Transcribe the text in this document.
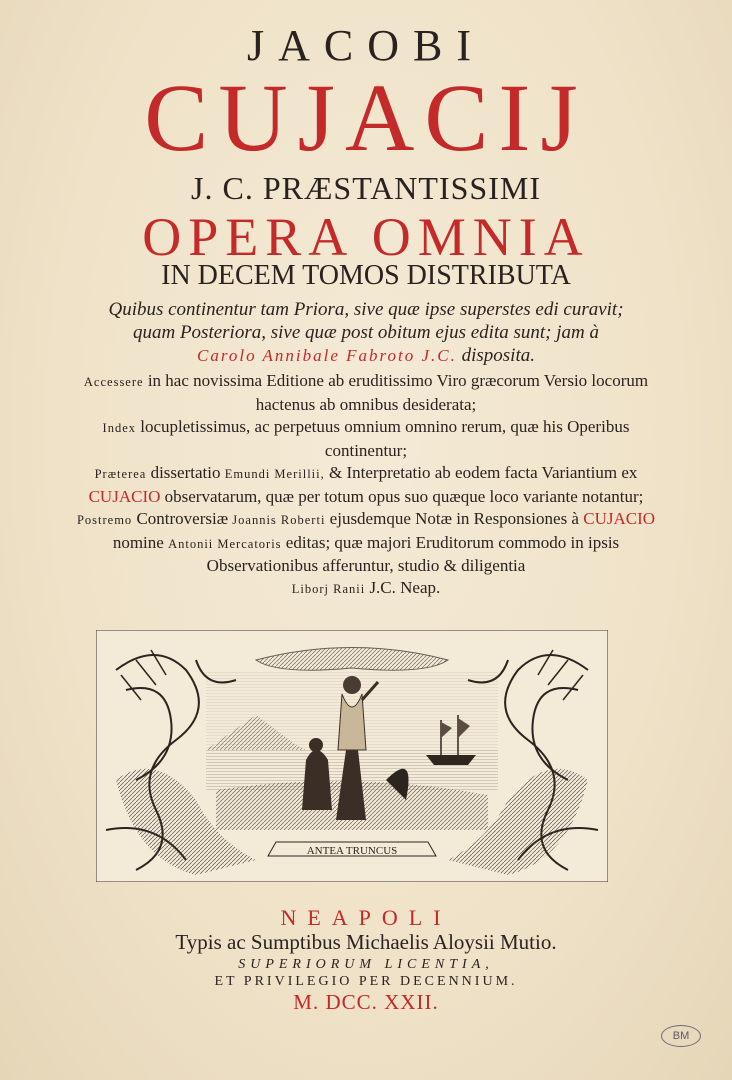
JACOBI
CUJACIJ
J. C. PRÆSTANTISSIMI
OPERA OMNIA
IN DECEM TOMOS DISTRIBUTA
Quibus continentur tam Priora, sive quæ ipse superstes edi curavit;
quam Posteriora, sive quæ post obitum ejus edita sunt; jam à
Carolo Annibale Fabroto J.C. disposita.

Accessere in hac novissima Editione ab eruditissimo Viro græcorum Versio locorum hactenus ab omnibus desiderata;

Index locupletissimus, ac perpetuus omnium omnino rerum, quæ his Operibus continentur;

Præterea dissertatio Emundi Merillii, & Interpretatio ab eodem facta Variantium ex CUJACIO observatarum, quæ per totum opus suo quæque loco variante notantur;

Postremo Controversiæ Joannis Roberti ejusdemque Notæ in Responsiones à CUJACIO nomine Antonii Mercatoris editas; quæ majori Eruditorum commodo in ipsis Observationibus afferuntur, studio & diligentia
Liborj Ranii J.C. Neap.

ANTEA TRUNCUS
NEAPOLI
Typis ac Sumptibus Michaelis Aloysii Mutio.
SUPERIORUM LICENTIA,
ET PRIVILEGIO PER DECENNIUM.
M. DCC. XXII.
BM
